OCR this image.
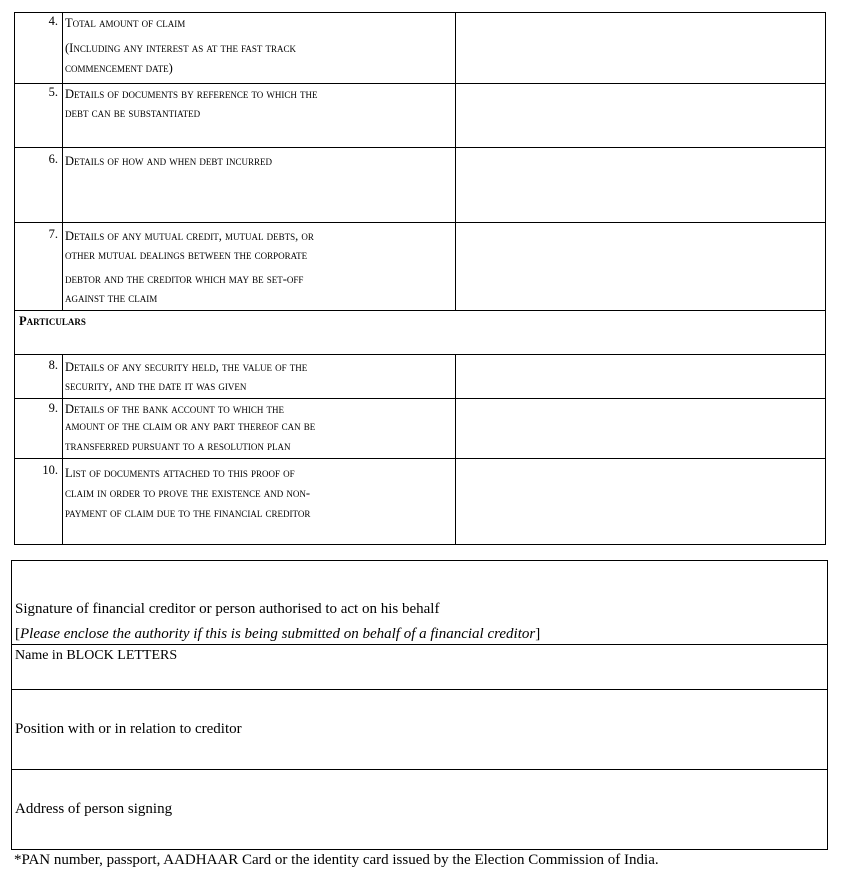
4.	Total amount of claim

(Including any interest as at the fast track

commencement date)	

5.	Details of documents by reference to which the

debt can be substantiated	

6.	Details of how and when debt incurred	

7.	Details of any mutual credit, mutual debts, or

other mutual dealings between the corporate

debtor and the creditor which may be set-off

against the claim	

Particulars		
8.	Details of any security held, the value of the

security, and the date it was given	

9.	Details of the bank account to which the

amount of the claim or any part thereof can be

transferred pursuant to a resolution plan	

10.	List of documents attached to this proof of

claim in order to prove the existence and non-

payment of claim due to the financial creditor	

Signature of financial creditor or person authorised to act on his behalf
[Please enclose the authority if this is being submitted on behalf of a financial creditor]

Name in BLOCK LETTERS
Position with or in relation to creditor
Address of person signing
*PAN number, passport, AADHAAR Card or the identity card issued by the Election Commission of India.
